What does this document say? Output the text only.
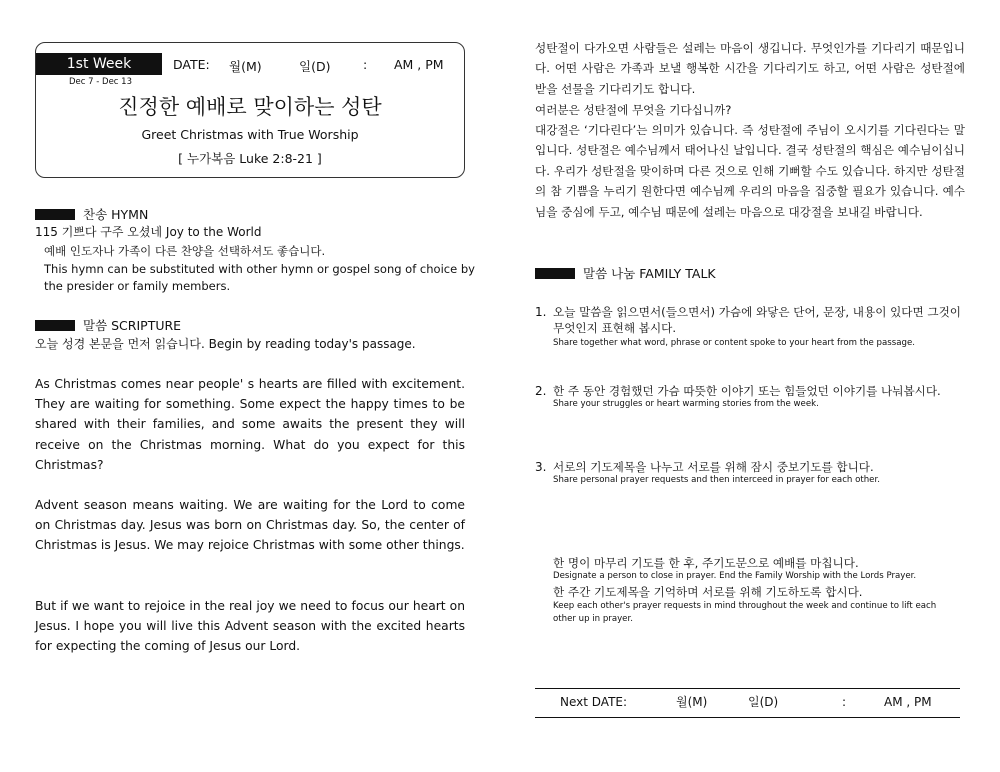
1st Week	DATE: 월(M)	일(D)	: AM , PM
Dec 7 - Dec 13
진정한 예배로 맞이하는 성탄
Greet Christmas with True Worship
[ 누가복음 Luke 2:8-21 ]
찬송 HYMN
115 기쁘다 구주 오셨네 Joy to the World
예배 인도자나 가족이 다른 찬양을 선택하셔도 좋습니다.
This hymn can be substituted with other hymn or gospel song of choice by
the presider or family members.
말씀 SCRIPTURE
오늘 성경 본문을 먼저 읽습니다. Begin by reading today's passage.
As Christmas comes near people' s hearts are filled with excitement. They are waiting for something. Some expect the happy times to be shared with their families, and some awaits the present they will receive on the Christmas morning. What do you expect for this Christmas?
Advent season means waiting. We are waiting for the Lord to come on Christmas day. Jesus was born on Christmas day. So, the center of Christmas is Jesus. We may rejoice Christmas with some other things.
But if we want to rejoice in the real joy we need to focus our heart on Jesus. I hope you will live this Advent season with the excited hearts for expecting the coming of Jesus our Lord.
성탄절이 다가오면 사람들은 설레는 마음이 생깁니다. 무엇인가를 기다리기 때문입니다. 어떤 사람은 가족과 보낼 행복한 시간을 기다리기도 하고, 어떤 사람은 성탄절에 받을 선물을 기다리기도 합니다.
여러분은 성탄절에 무엇을 기다십니까?
대강절은 ‘기다린다’는 의미가 있습니다. 즉 성탄절에 주님이 오시기를 기다린다는 말입니다. 성탄절은 예수님께서 태어나신 날입니다. 결국 성탄절의 핵심은 예수님이십니다. 우리가 성탄절을 맞이하며 다른 것으로 인해 기뻐할 수도 있습니다. 하지만 성탄절의 참 기쁨을 누리기 원한다면 예수님께 우리의 마음을 집중할 필요가 있습니다. 예수님을 중심에 두고, 예수님 때문에 설레는 마음으로 대강절을 보내길 바랍니다.
말씀 나눔 FAMILY TALK
1. 오늘 말씀을 읽으면서(들으면서) 가슴에 와닿은 단어, 문장, 내용이 있다면 그것이
무엇인지 표현해 봅시다.
Share together what word, phrase or content spoke to your heart from the passage.
2. 한 주 동안 경험했던 가슴 따뜻한 이야기 또는 힘들었던 이야기를 나눠봅시다.
Share your struggles or heart warming stories from the week.
3. 서로의 기도제목을 나누고 서로를 위해 잠시 중보기도를 합니다.
Share personal prayer requests and then interceed in prayer for each other.
한 명이 마무리 기도를 한 후, 주기도문으로 예배를 마칩니다.
Designate a person to close in prayer. End the Family Worship with the Lords Prayer.
한 주간 기도제목을 기억하며 서로를 위해 기도하도록 합시다.
Keep each other's prayer requests in mind throughout the week and continue to lift each
other up in prayer.
Next DATE:	월(M)	일(D)	:	AM , PM
